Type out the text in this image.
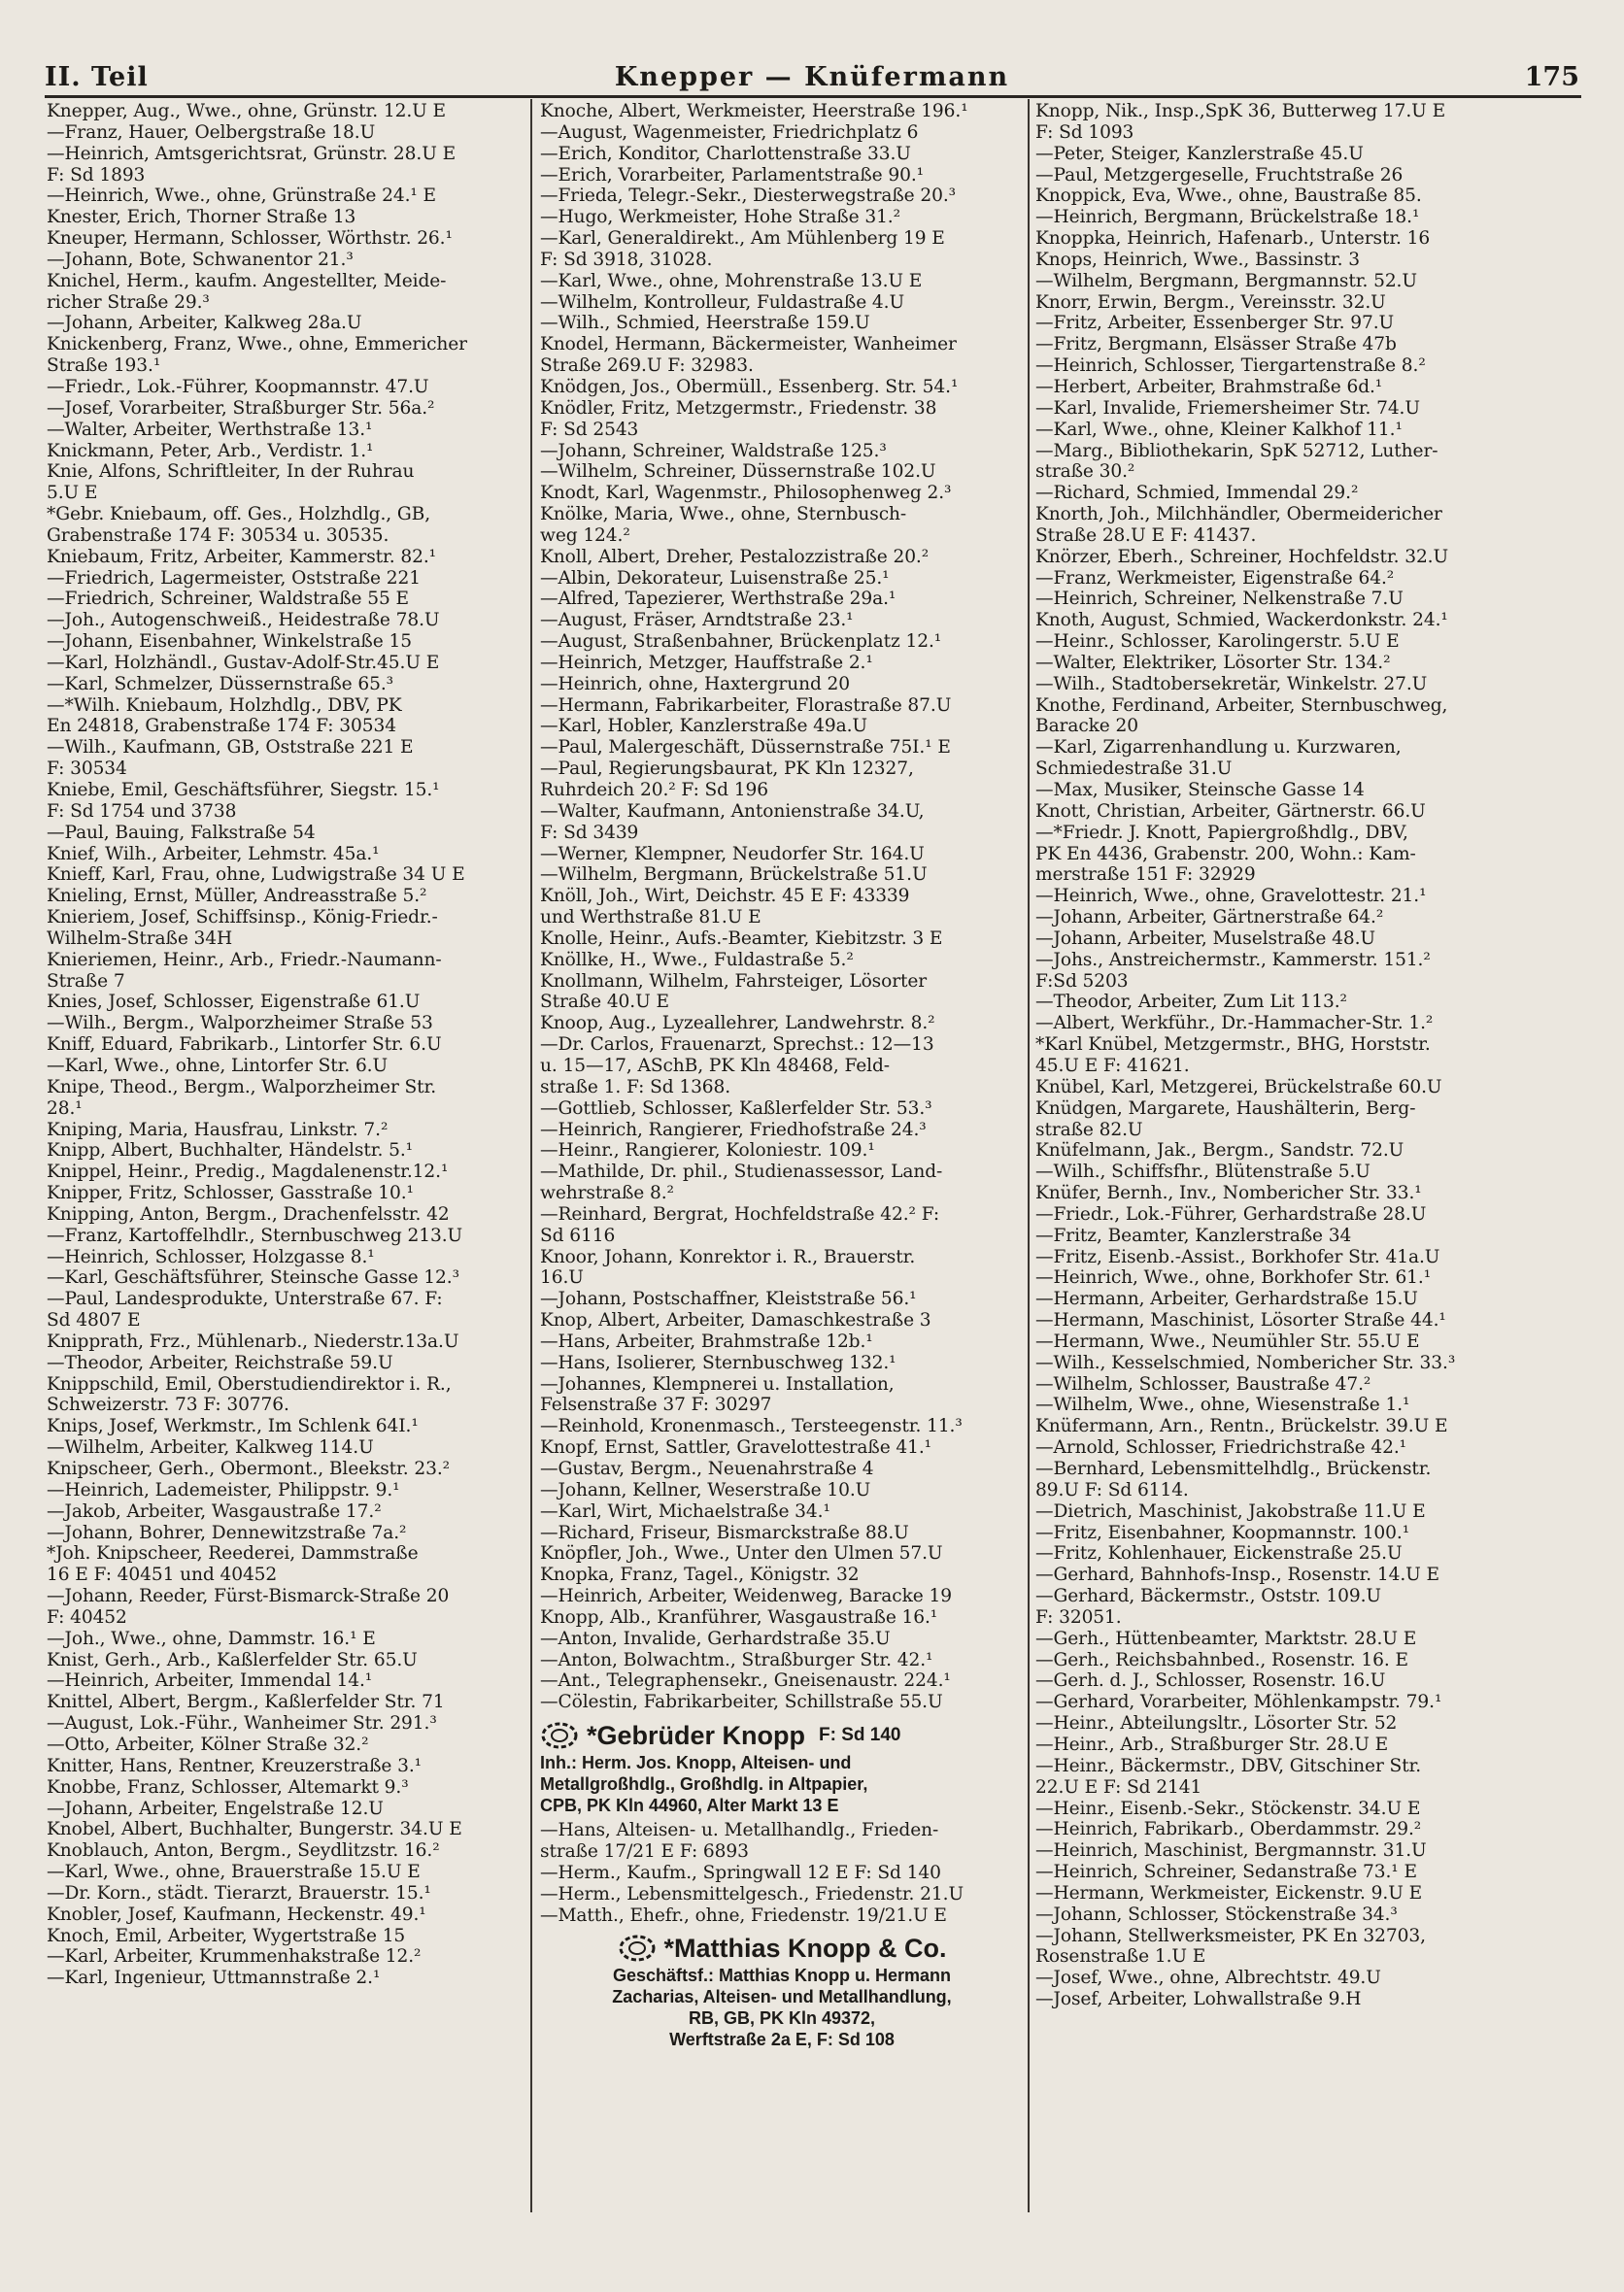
II. Teil	Knepper — Knüfermann	175
Knepper, Aug., Wwe., ohne, Grünstr. 12.U E
—Franz, Hauer, Oelbergstraße 18.U
—Heinrich, Amtsgerichtsrat, Grünstr. 28.U E
F: Sd 1893
—Heinrich, Wwe., ohne, Grünstraße 24.¹ E
Knester, Erich, Thorner Straße 13
Kneuper, Hermann, Schlosser, Wörthstr. 26.¹
—Johann, Bote, Schwanentor 21.³
Knichel, Herm., kaufm. Angestellter, Meide-
richer Straße 29.³
—Johann, Arbeiter, Kalkweg 28a.U
Knickenberg, Franz, Wwe., ohne, Emmericher
Straße 193.¹
—Friedr., Lok.-Führer, Koopmannstr. 47.U
—Josef, Vorarbeiter, Straßburger Str. 56a.²
—Walter, Arbeiter, Werthstraße 13.¹
Knickmann, Peter, Arb., Verdistr. 1.¹
Knie, Alfons, Schriftleiter, In der Ruhrau
5.U E
*Gebr. Kniebaum, off. Ges., Holzhdlg., GB,
Grabenstraße 174 F: 30534 u. 30535.
Kniebaum, Fritz, Arbeiter, Kammerstr. 82.¹
—Friedrich, Lagermeister, Oststraße 221
—Friedrich, Schreiner, Waldstraße 55 E
—Joh., Autogenschweiß., Heidestraße 78.U
—Johann, Eisenbahner, Winkelstraße 15
—Karl, Holzhändl., Gustav-Adolf-Str.45.U E
—Karl, Schmelzer, Düssernstraße 65.³
—*Wilh. Kniebaum, Holzhdlg., DBV, PK
En 24818, Grabenstraße 174 F: 30534
—Wilh., Kaufmann, GB, Oststraße 221 E
F: 30534
Kniebe, Emil, Geschäftsführer, Siegstr. 15.¹
F: Sd 1754 und 3738
—Paul, Bauing, Falkstraße 54
Knief, Wilh., Arbeiter, Lehmstr. 45a.¹
Knieff, Karl, Frau, ohne, Ludwigstraße 34 U E
Knieling, Ernst, Müller, Andreasstraße 5.²
Knieriem, Josef, Schiffsinsp., König-Friedr.-
Wilhelm-Straße 34H
Knieriemen, Heinr., Arb., Friedr.-Naumann-
Straße 7
Knies, Josef, Schlosser, Eigenstraße 61.U
—Wilh., Bergm., Walporzheimer Straße 53
Kniff, Eduard, Fabrikarb., Lintorfer Str. 6.U
—Karl, Wwe., ohne, Lintorfer Str. 6.U
Knipe, Theod., Bergm., Walporzheimer Str.
28.¹
Kniping, Maria, Hausfrau, Linkstr. 7.²
Knipp, Albert, Buchhalter, Händelstr. 5.¹
Knippel, Heinr., Predig., Magdalenenstr.12.¹
Knipper, Fritz, Schlosser, Gasstraße 10.¹
Knipping, Anton, Bergm., Drachenfelsstr. 42
—Franz, Kartoffelhdlr., Sternbuschweg 213.U
—Heinrich, Schlosser, Holzgasse 8.¹
—Karl, Geschäftsführer, Steinsche Gasse 12.³
—Paul, Landesprodukte, Unterstraße 67. F:
Sd 4807 E
Knipprath, Frz., Mühlenarb., Niederstr.13a.U
—Theodor, Arbeiter, Reichstraße 59.U
Knippschild, Emil, Oberstudiendirektor i. R.,
Schweizerstr. 73 F: 30776.
Knips, Josef, Werkmstr., Im Schlenk 64I.¹
—Wilhelm, Arbeiter, Kalkweg 114.U
Knipscheer, Gerh., Obermont., Bleekstr. 23.²
—Heinrich, Lademeister, Philippstr. 9.¹
—Jakob, Arbeiter, Wasgaustraße 17.²
—Johann, Bohrer, Dennewitzstraße 7a.²
*Joh. Knipscheer, Reederei, Dammstraße
16 E F: 40451 und 40452
—Johann, Reeder, Fürst-Bismarck-Straße 20
F: 40452
—Joh., Wwe., ohne, Dammstr. 16.¹ E
Knist, Gerh., Arb., Kaßlerfelder Str. 65.U
—Heinrich, Arbeiter, Immendal 14.¹
Knittel, Albert, Bergm., Kaßlerfelder Str. 71
—August, Lok.-Führ., Wanheimer Str. 291.³
—Otto, Arbeiter, Kölner Straße 32.²
Knitter, Hans, Rentner, Kreuzerstraße 3.¹
Knobbe, Franz, Schlosser, Altemarkt 9.³
—Johann, Arbeiter, Engelstraße 12.U
Knobel, Albert, Buchhalter, Bungerstr. 34.U E
Knoblauch, Anton, Bergm., Seydlitzstr. 16.²
—Karl, Wwe., ohne, Brauerstraße 15.U E
—Dr. Korn., städt. Tierarzt, Brauerstr. 15.¹
Knobler, Josef, Kaufmann, Heckenstr. 49.¹
Knoch, Emil, Arbeiter, Wygertstraße 15
—Karl, Arbeiter, Krummenhakstraße 12.²
—Karl, Ingenieur, Uttmannstraße 2.¹
Knoche, Albert, Werkmeister, Heerstraße 196.¹
—August, Wagenmeister, Friedrichplatz 6
—Erich, Konditor, Charlottenstraße 33.U
—Erich, Vorarbeiter, Parlamentstraße 90.¹
—Frieda, Telegr.-Sekr., Diesterwegstraße 20.³
—Hugo, Werkmeister, Hohe Straße 31.²
—Karl, Generaldirekt., Am Mühlenberg 19 E
F: Sd 3918, 31028.
—Karl, Wwe., ohne, Mohrenstraße 13.U E
—Wilhelm, Kontrolleur, Fuldastraße 4.U
—Wilh., Schmied, Heerstraße 159.U
Knodel, Hermann, Bäckermeister, Wanheimer
Straße 269.U F: 32983.
Knödgen, Jos., Obermüll., Essenberg. Str. 54.¹
Knödler, Fritz, Metzgermstr., Friedenstr. 38
F: Sd 2543
—Johann, Schreiner, Waldstraße 125.³
—Wilhelm, Schreiner, Düssernstraße 102.U
Knodt, Karl, Wagenmstr., Philosophenweg 2.³
Knölke, Maria, Wwe., ohne, Sternbusch-
weg 124.²
Knoll, Albert, Dreher, Pestalozzistraße 20.²
—Albin, Dekorateur, Luisenstraße 25.¹
—Alfred, Tapezierer, Werthstraße 29a.¹
—August, Fräser, Arndtstraße 23.¹
—August, Straßenbahner, Brückenplatz 12.¹
—Heinrich, Metzger, Hauffstraße 2.¹
—Heinrich, ohne, Haxtergrund 20
—Hermann, Fabrikarbeiter, Florastraße 87.U
—Karl, Hobler, Kanzlerstraße 49a.U
—Paul, Malergeschäft, Düssernstraße 75I.¹ E
—Paul, Regierungsbaurat, PK Kln 12327,
Ruhrdeich 20.² F: Sd 196
—Walter, Kaufmann, Antonienstraße 34.U,
F: Sd 3439
—Werner, Klempner, Neudorfer Str. 164.U
—Wilhelm, Bergmann, Brückelstraße 51.U
Knöll, Joh., Wirt, Deichstr. 45 E F: 43339
und Werthstraße 81.U E
Knolle, Heinr., Aufs.-Beamter, Kiebitzstr. 3 E
Knöllke, H., Wwe., Fuldastraße 5.²
Knollmann, Wilhelm, Fahrsteiger, Lösorter
Straße 40.U E
Knoop, Aug., Lyzeallehrer, Landwehrstr. 8.²
—Dr. Carlos, Frauenarzt, Sprechst.: 12—13
u. 15—17, ASchB, PK Kln 48468, Feld-
straße 1. F: Sd 1368.
—Gottlieb, Schlosser, Kaßlerfelder Str. 53.³
—Heinrich, Rangierer, Friedhofstraße 24.³
—Heinr., Rangierer, Koloniestr. 109.¹
—Mathilde, Dr. phil., Studienassessor, Land-
wehrstraße 8.²
—Reinhard, Bergrat, Hochfeldstraße 42.² F:
Sd 6116
Knoor, Johann, Konrektor i. R., Brauerstr.
16.U
—Johann, Postschaffner, Kleiststraße 56.¹
Knop, Albert, Arbeiter, Damaschkestraße 3
—Hans, Arbeiter, Brahmstraße 12b.¹
—Hans, Isolierer, Sternbuschweg 132.¹
—Johannes, Klempnerei u. Installation,
Felsenstraße 37 F: 30297
—Reinhold, Kronenmasch., Tersteegenstr. 11.³
Knopf, Ernst, Sattler, Gravelottestraße 41.¹
—Gustav, Bergm., Neuenahrstraße 4
—Johann, Kellner, Weserstraße 10.U
—Karl, Wirt, Michaelstraße 34.¹
—Richard, Friseur, Bismarckstraße 88.U
Knöpfler, Joh., Wwe., Unter den Ulmen 57.U
Knopka, Franz, Tagel., Königstr. 32
—Heinrich, Arbeiter, Weidenweg, Baracke 19
Knopp, Alb., Kranführer, Wasgaustraße 16.¹
—Anton, Invalide, Gerhardstraße 35.U
—Anton, Bolwachtm., Straßburger Str. 42.¹
—Ant., Telegraphensekr., Gneisenaustr. 224.¹
—Cölestin, Fabrikarbeiter, Schillstraße 55.U
*Gebrüder Knopp F: Sd 140
Inh.: Herm. Jos. Knopp, Alteisen- und
Metallgroßhdlg., Großhdlg. in Altpapier,
CPB, PK Kln 44960, Alter Markt 13 E
—Hans, Alteisen- u. Metallhandlg., Frieden-
straße 17/21 E F: 6893
—Herm., Kaufm., Springwall 12 E F: Sd 140
—Herm., Lebensmittelgesch., Friedenstr. 21.U
—Matth., Ehefr., ohne, Friedenstr. 19/21.U E
*Matthias Knopp & Co.
Geschäftsf.: Matthias Knopp u. Hermann
Zacharias, Alteisen- und Metallhandlung,
RB, GB, PK Kln 49372,
Werftstraße 2a E, F: Sd 108
Knopp, Nik., Insp.,SpK 36, Butterweg 17.U E
F: Sd 1093
—Peter, Steiger, Kanzlerstraße 45.U
—Paul, Metzgergeselle, Fruchtstraße 26
Knoppick, Eva, Wwe., ohne, Baustraße 85.
—Heinrich, Bergmann, Brückelstraße 18.¹
Knoppka, Heinrich, Hafenarb., Unterstr. 16
Knops, Heinrich, Wwe., Bassinstr. 3
—Wilhelm, Bergmann, Bergmannstr. 52.U
Knorr, Erwin, Bergm., Vereinsstr. 32.U
—Fritz, Arbeiter, Essenberger Str. 97.U
—Fritz, Bergmann, Elsässer Straße 47b
—Heinrich, Schlosser, Tiergartenstraße 8.²
—Herbert, Arbeiter, Brahmstraße 6d.¹
—Karl, Invalide, Friemersheimer Str. 74.U
—Karl, Wwe., ohne, Kleiner Kalkhof 11.¹
—Marg., Bibliothekarin, SpK 52712, Luther-
straße 30.²
—Richard, Schmied, Immendal 29.²
Knorth, Joh., Milchhändler, Obermeidericher
Straße 28.U E F: 41437.
Knörzer, Eberh., Schreiner, Hochfeldstr. 32.U
—Franz, Werkmeister, Eigenstraße 64.²
—Heinrich, Schreiner, Nelkenstraße 7.U
Knoth, August, Schmied, Wackerdonkstr. 24.¹
—Heinr., Schlosser, Karolingerstr. 5.U E
—Walter, Elektriker, Lösorter Str. 134.²
—Wilh., Stadtobersekretär, Winkelstr. 27.U
Knothe, Ferdinand, Arbeiter, Sternbuschweg,
Baracke 20
—Karl, Zigarrenhandlung u. Kurzwaren,
Schmiedestraße 31.U
—Max, Musiker, Steinsche Gasse 14
Knott, Christian, Arbeiter, Gärtnerstr. 66.U
—*Friedr. J. Knott, Papiergroßhdlg., DBV,
PK En 4436, Grabenstr. 200, Wohn.: Kam-
merstraße 151 F: 32929
—Heinrich, Wwe., ohne, Gravelottestr. 21.¹
—Johann, Arbeiter, Gärtnerstraße 64.²
—Johann, Arbeiter, Muselstraße 48.U
—Johs., Anstreichermstr., Kammerstr. 151.²
F:Sd 5203
—Theodor, Arbeiter, Zum Lit 113.²
—Albert, Werkführ., Dr.-Hammacher-Str. 1.²
*Karl Knübel, Metzgermstr., BHG, Horststr.
45.U E F: 41621.
Knübel, Karl, Metzgerei, Brückelstraße 60.U
Knüdgen, Margarete, Haushälterin, Berg-
straße 82.U
Knüfelmann, Jak., Bergm., Sandstr. 72.U
—Wilh., Schiffsfhr., Blütenstraße 5.U
Knüfer, Bernh., Inv., Nombericher Str. 33.¹
—Friedr., Lok.-Führer, Gerhardstraße 28.U
—Fritz, Beamter, Kanzlerstraße 34
—Fritz, Eisenb.-Assist., Borkhofer Str. 41a.U
—Heinrich, Wwe., ohne, Borkhofer Str. 61.¹
—Hermann, Arbeiter, Gerhardstraße 15.U
—Hermann, Maschinist, Lösorter Straße 44.¹
—Hermann, Wwe., Neumühler Str. 55.U E
—Wilh., Kesselschmied, Nombericher Str. 33.³
—Wilhelm, Schlosser, Baustraße 47.²
—Wilhelm, Wwe., ohne, Wiesenstraße 1.¹
Knüfermann, Arn., Rentn., Brückelstr. 39.U E
—Arnold, Schlosser, Friedrichstraße 42.¹
—Bernhard, Lebensmittelhdlg., Brückenstr.
89.U F: Sd 6114.
—Dietrich, Maschinist, Jakobstraße 11.U E
—Fritz, Eisenbahner, Koopmannstr. 100.¹
—Fritz, Kohlenhauer, Eickenstraße 25.U
—Gerhard, Bahnhofs-Insp., Rosenstr. 14.U E
—Gerhard, Bäckermstr., Oststr. 109.U
F: 32051.
—Gerh., Hüttenbeamter, Marktstr. 28.U E
—Gerh., Reichsbahnbed., Rosenstr. 16. E
—Gerh. d. J., Schlosser, Rosenstr. 16.U
—Gerhard, Vorarbeiter, Möhlenkampstr. 79.¹
—Heinr., Abteilungsltr., Lösorter Str. 52
—Heinr., Arb., Straßburger Str. 28.U E
—Heinr., Bäckermstr., DBV, Gitschiner Str.
22.U E F: Sd 2141
—Heinr., Eisenb.-Sekr., Stöckenstr. 34.U E
—Heinrich, Fabrikarb., Oberdammstr. 29.²
—Heinrich, Maschinist, Bergmannstr. 31.U
—Heinrich, Schreiner, Sedanstraße 73.¹ E
—Hermann, Werkmeister, Eickenstr. 9.U E
—Johann, Schlosser, Stöckenstraße 34.³
—Johann, Stellwerksmeister, PK En 32703,
Rosenstraße 1.U E
—Josef, Wwe., ohne, Albrechtstr. 49.U
—Josef, Arbeiter, Lohwallstraße 9.H
